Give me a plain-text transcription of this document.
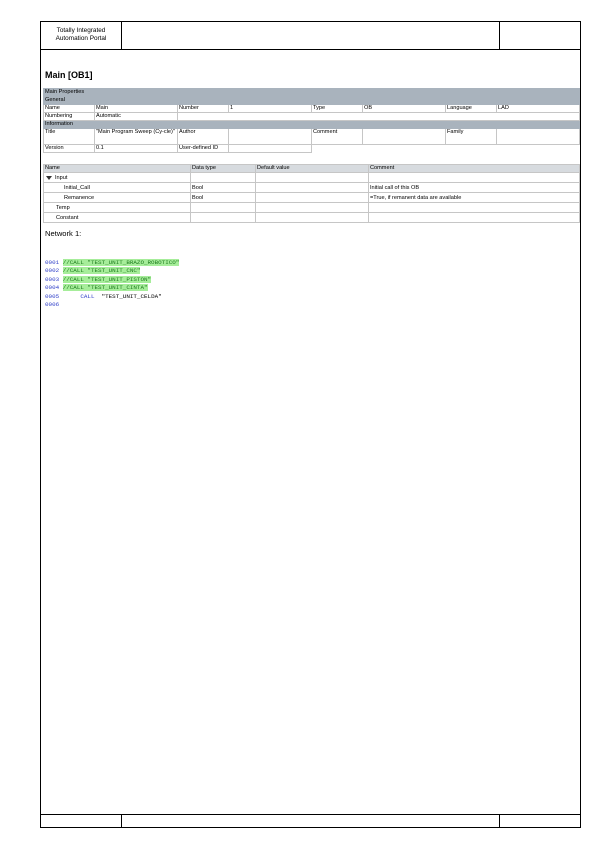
Totally Integrated
Automation Portal
Main [OB1]
Main Properties							
General							
Name	Main	Number	1	Type	OB	Language	LAD
Numbering	Automatic						
Information							
Title	"Main Program Sweep (Cy-cle)"	Author		Comment		Family	
Version	0.1	User-defined ID					
Name	Data type	Default value	Comment
Input			
Initial_Call	Bool		Initial call of this OB
Remanence	Bool		=True, if remanent data are available
Temp			
Constant			
Network 1:
0001 //CALL "TEST_UNIT_BRAZO_ROBOTICO"
0002 //CALL "TEST_UNIT_CNC"
0003 //CALL "TEST_UNIT_PISTON"
0004 //CALL "TEST_UNIT_CINTA"
0005	CALL "TEST_UNIT_CELDA"
0006
